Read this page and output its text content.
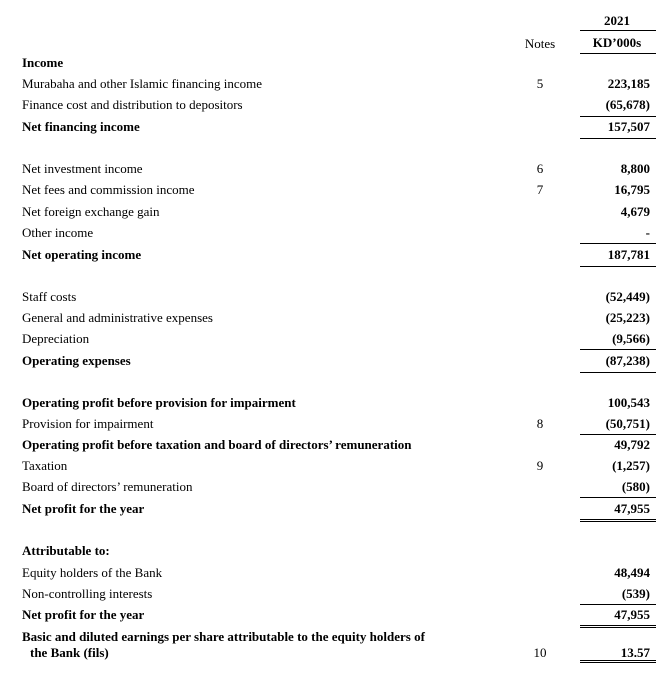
2021
Notes	KD’000s
Income
Murabaha and other Islamic financing income	5	223,185
Finance cost and distribution to depositors	(65,678)
Net financing income	157,507
Net investment income	6	8,800
Net fees and commission income	7	16,795
Net foreign exchange gain	4,679
Other income	-
Net operating income	187,781
Staff costs	(52,449)
General and administrative expenses	(25,223)
Depreciation	(9,566)
Operating expenses	(87,238)
Operating profit before provision for impairment	100,543
Provision for impairment	8	(50,751)
Operating profit before taxation and board of directors’ remuneration	49,792
Taxation	9	(1,257)
Board of directors’ remuneration	(580)
Net profit for the year	47,955
Attributable to:
Equity holders of the Bank	48,494
Non-controlling interests	(539)
Net profit for the year	47,955
Basic and diluted earnings per share attributable to the equity holders of
the Bank (fils)	10	13.57
